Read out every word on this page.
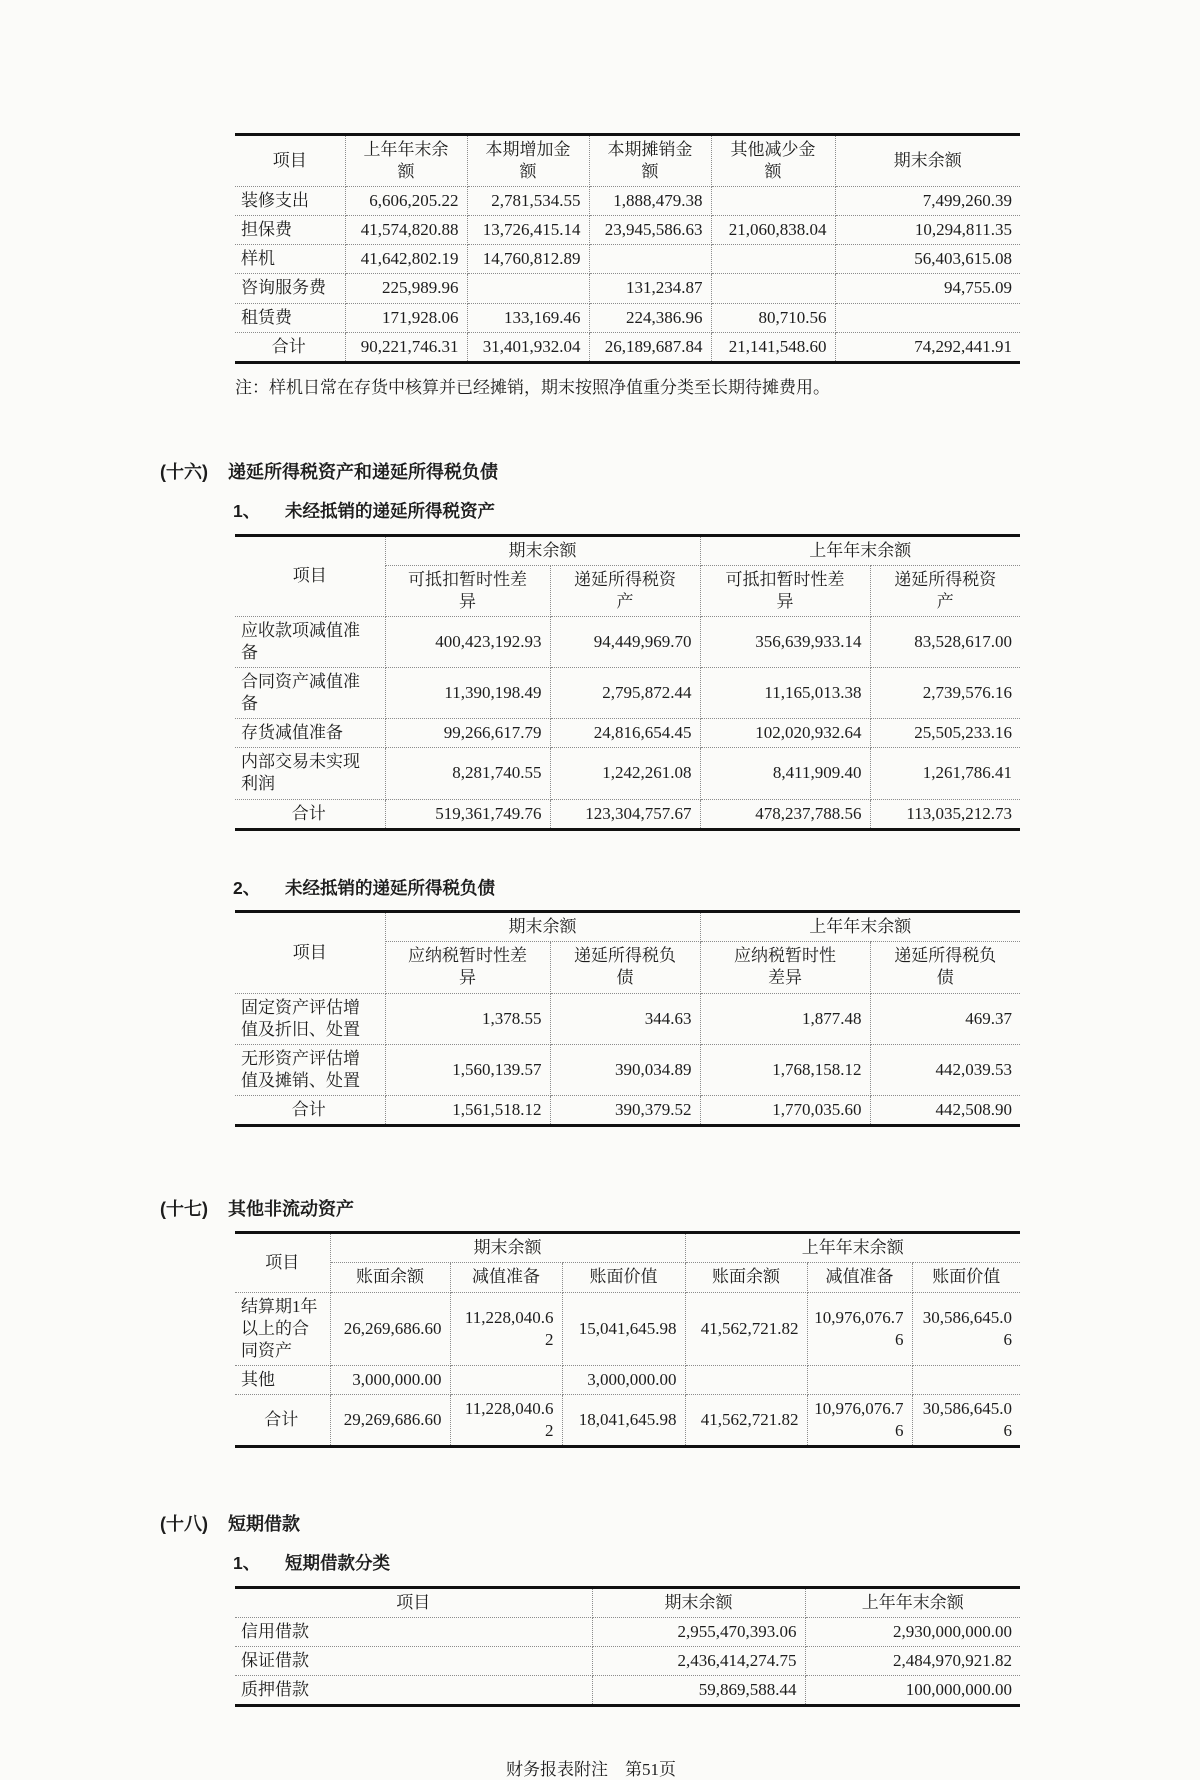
项目	上年年末余额	本期增加金额	本期摊销金额	其他减少金额	期末余额
装修支出	6,606,205.22	2,781,534.55	1,888,479.38		7,499,260.39
担保费	41,574,820.88	13,726,415.14	23,945,586.63	21,060,838.04	10,294,811.35
样机	41,642,802.19	14,760,812.89			56,403,615.08
咨询服务费	225,989.96		131,234.87		94,755.09
租赁费	171,928.06	133,169.46	224,386.96	80,710.56	
合计	90,221,746.31	31,401,932.04	26,189,687.84	21,141,548.60	74,292,441.91
注：样机日常在存货中核算并已经摊销，期末按照净值重分类至长期待摊费用。
(十六)	递延所得税资产和递延所得税负债
1、	未经抵销的递延所得税资产
项目	期末余额		上年年末余额	
	可抵扣暂时性差异	递延所得税资产	可抵扣暂时性差异	递延所得税资产
应收款项减值准备	400,423,192.93	94,449,969.70	356,639,933.14	83,528,617.00
合同资产减值准备	11,390,198.49	2,795,872.44	11,165,013.38	2,739,576.16
存货减值准备	99,266,617.79	24,816,654.45	102,020,932.64	25,505,233.16
内部交易未实现利润	8,281,740.55	1,242,261.08	8,411,909.40	1,261,786.41
合计	519,361,749.76	123,304,757.67	478,237,788.56	113,035,212.73
2、	未经抵销的递延所得税负债
项目	期末余额		上年年末余额	
	应纳税暂时性差异	递延所得税负债	应纳税暂时性差异	递延所得税负债
固定资产评估增值及折旧、处置	1,378.55	344.63	1,877.48	469.37
无形资产评估增值及摊销、处置	1,560,139.57	390,034.89	1,768,158.12	442,039.53
合计	1,561,518.12	390,379.52	1,770,035.60	442,508.90
(十七)	其他非流动资产
项目	期末余额			上年年末余额		
	账面余额	减值准备	账面价值	账面余额	减值准备	账面价值
结算期1年以上的合同资产	26,269,686.60	11,228,040.62	15,041,645.98	41,562,721.82	10,976,076.76	30,586,645.06
其他	3,000,000.00		3,000,000.00			
合计	29,269,686.60	11,228,040.62	18,041,645.98	41,562,721.82	10,976,076.76	30,586,645.06
(十八)	短期借款
1、	短期借款分类
项目	期末余额	上年年末余额
信用借款	2,955,470,393.06	2,930,000,000.00
保证借款	2,436,414,274.75	2,484,970,921.82
质押借款	59,869,588.44	100,000,000.00
财务报表附注　第51页
